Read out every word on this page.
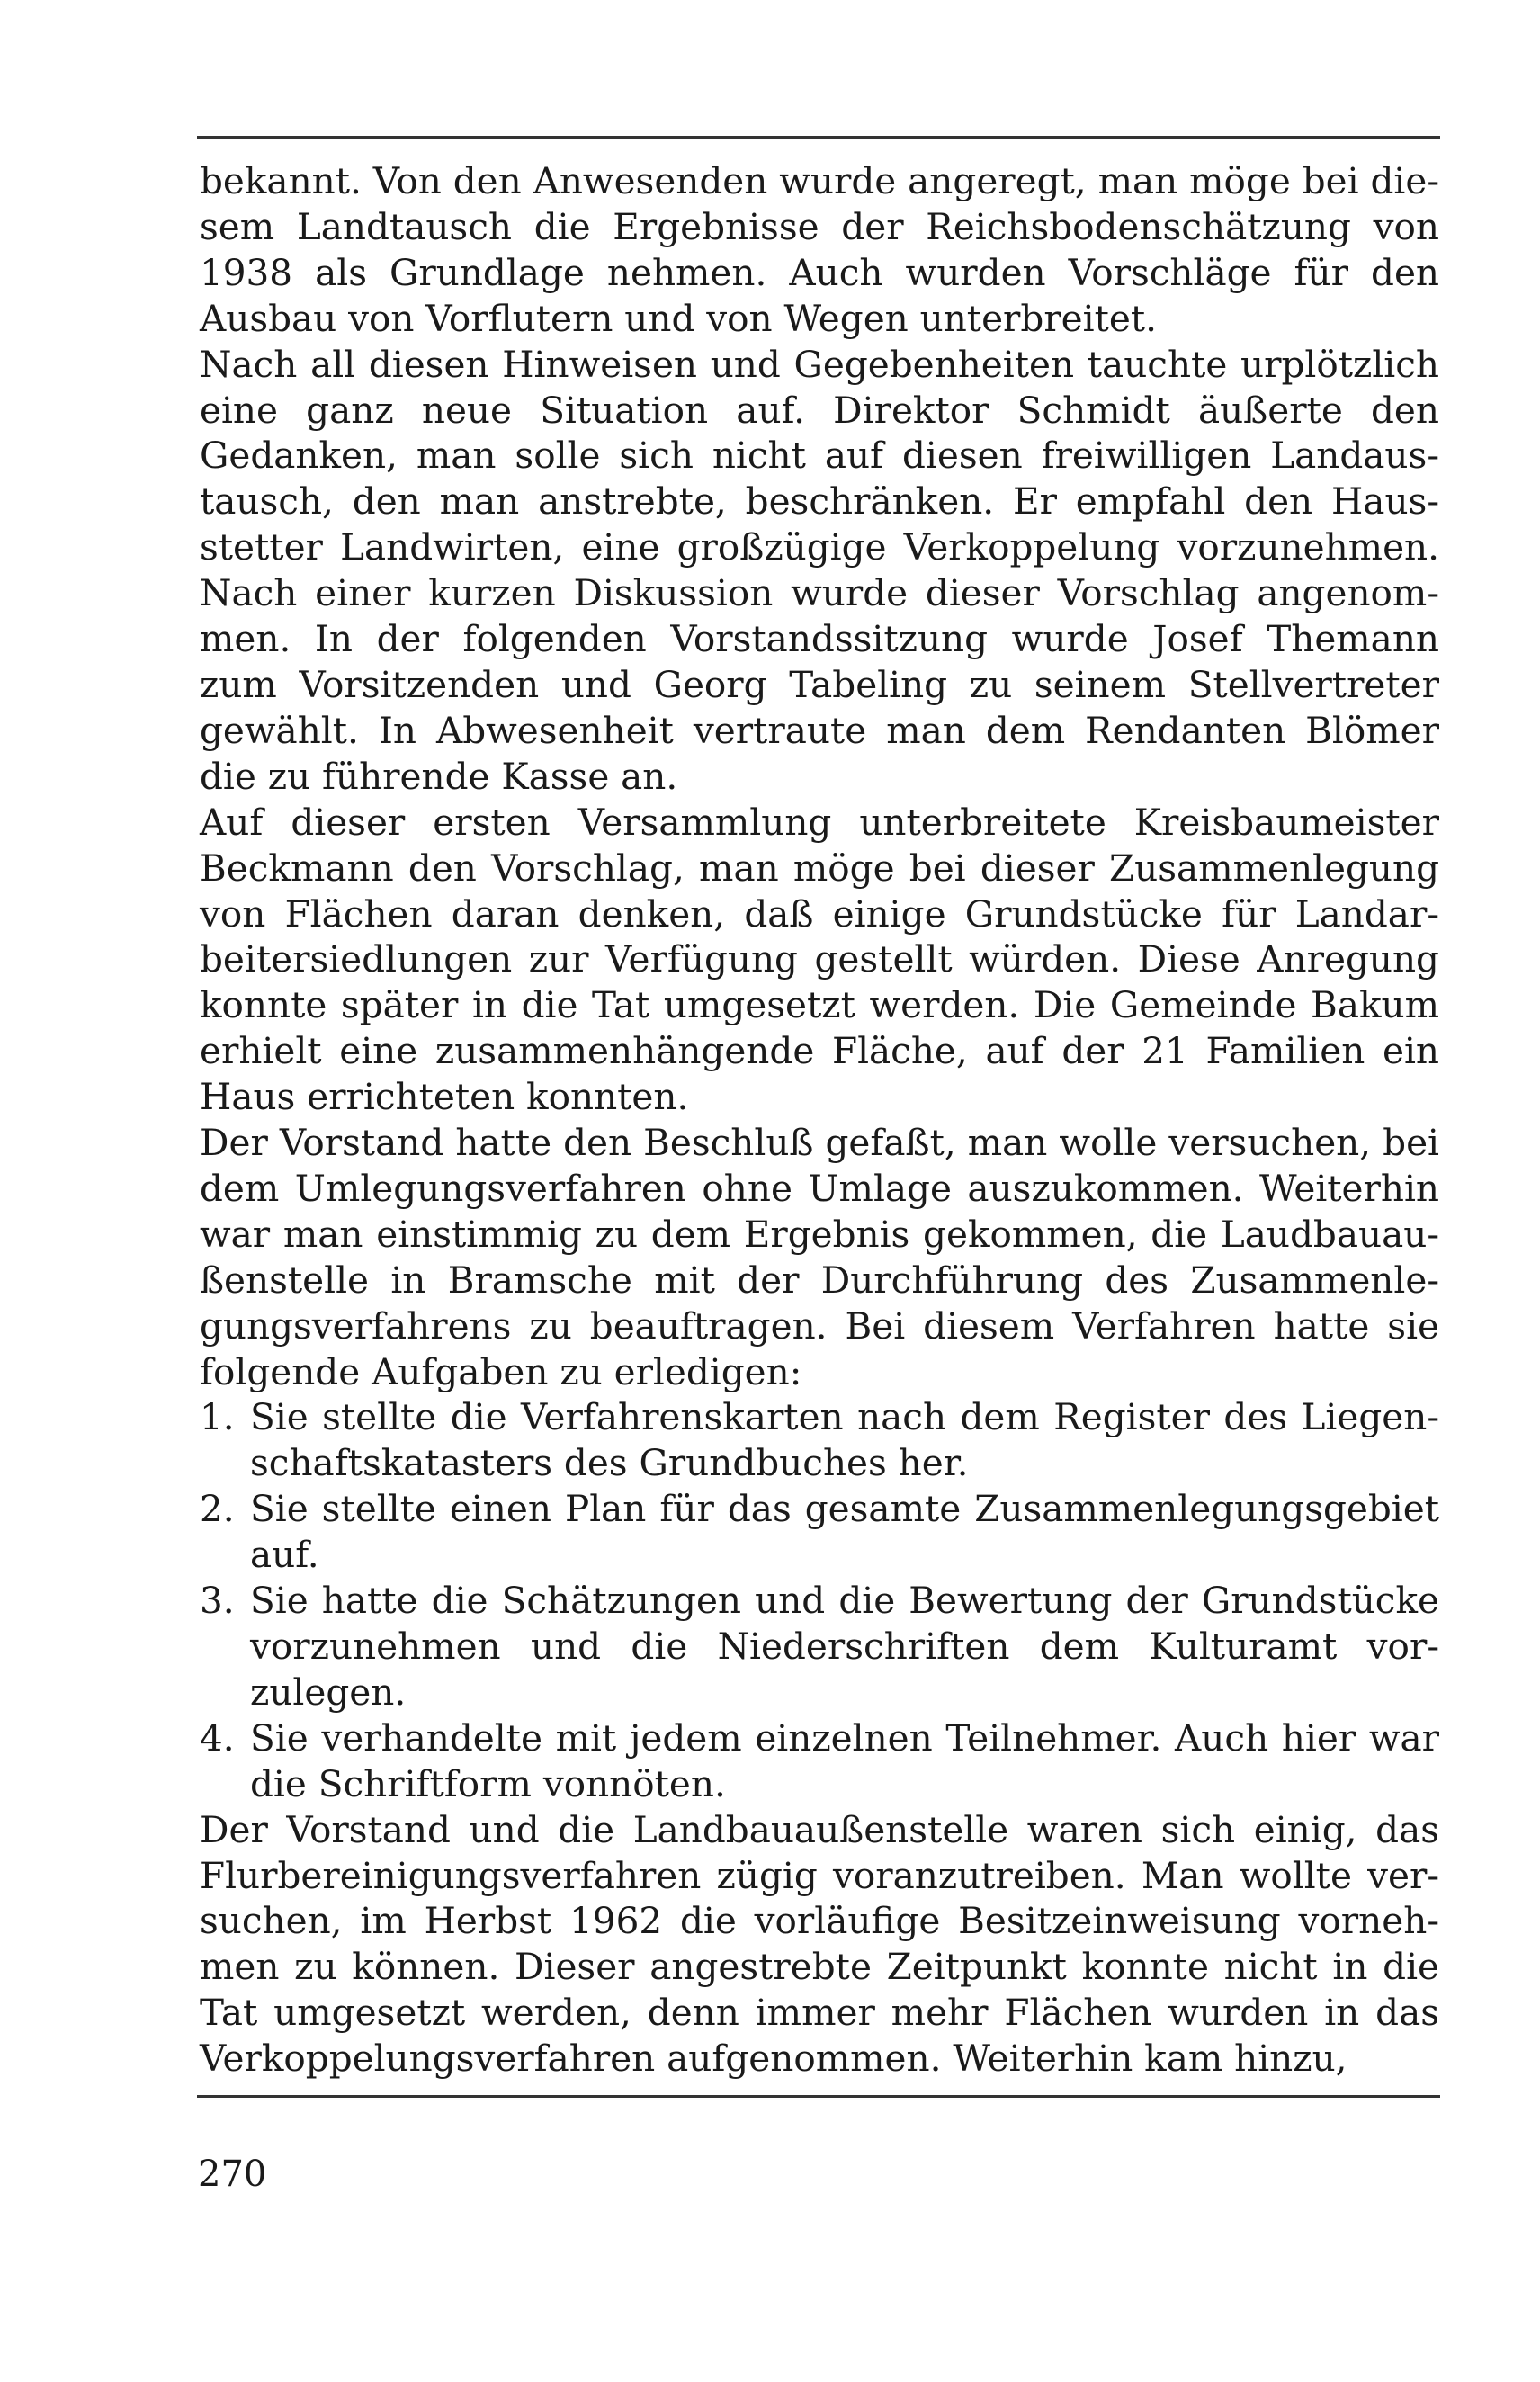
bekannt. Von den Anwesenden wurde angeregt, man möge bei diesem Landtausch die Ergebnisse der Reichsbodenschätzung von 1938 als Grundlage nehmen. Auch wurden Vorschläge für den Ausbau von Vorflutern und von Wegen unterbreitet.

Nach all diesen Hinweisen und Gegebenheiten tauchte urplötzlich eine ganz neue Situation auf. Direktor Schmidt äußerte den Gedanken, man solle sich nicht auf diesen freiwilligen Landaustausch, den man anstrebte, beschränken. Er empfahl den Hausstetter Landwirten, eine großzügige Verkoppelung vorzunehmen. Nach einer kurzen Diskussion wurde dieser Vorschlag angenommen. In der folgenden Vorstandssitzung wurde Josef Themann zum Vorsitzenden und Georg Tabeling zu seinem Stellvertreter gewählt. In Abwesenheit vertraute man dem Rendanten Blömer die zu führende Kasse an.

Auf dieser ersten Versammlung unterbreitete Kreisbaumeister Beckmann den Vorschlag, man möge bei dieser Zusammenlegung von Flächen daran denken, daß einige Grundstücke für Landarbeitersiedlungen zur Verfügung gestellt würden. Diese Anregung konnte später in die Tat umgesetzt werden. Die Gemeinde Bakum erhielt eine zusammenhängende Fläche, auf der 21 Familien ein Haus errichteten konnten.

Der Vorstand hatte den Beschluß gefaßt, man wolle versuchen, bei dem Umlegungsverfahren ohne Umlage auszukommen. Weiterhin war man einstimmig zu dem Ergebnis gekommen, die Laudbauaußenstelle in Bramsche mit der Durchführung des Zusammenlegungsverfahrens zu beauftragen. Bei diesem Verfahren hatte sie folgende Aufgaben zu erledigen:

1. Sie stellte die Verfahrenskarten nach dem Register des Liegenschaftskatasters des Grundbuches her.
2. Sie stellte einen Plan für das gesamte Zusammenlegungsgebiet auf.
3. Sie hatte die Schätzungen und die Bewertung der Grundstücke vorzunehmen und die Niederschriften dem Kulturamt vorzulegen.
4. Sie verhandelte mit jedem einzelnen Teilnehmer. Auch hier war die Schriftform vonnöten.

Der Vorstand und die Landbauaußenstelle waren sich einig, das Flurbereinigungsverfahren zügig voranzutreiben. Man wollte versuchen, im Herbst 1962 die vorläufige Besitzeinweisung vornehmen zu können. Dieser angestrebte Zeitpunkt konnte nicht in die Tat umgesetzt werden, denn immer mehr Flächen wurden in das Verkoppelungsverfahren aufgenommen. Weiterhin kam hinzu,

270
